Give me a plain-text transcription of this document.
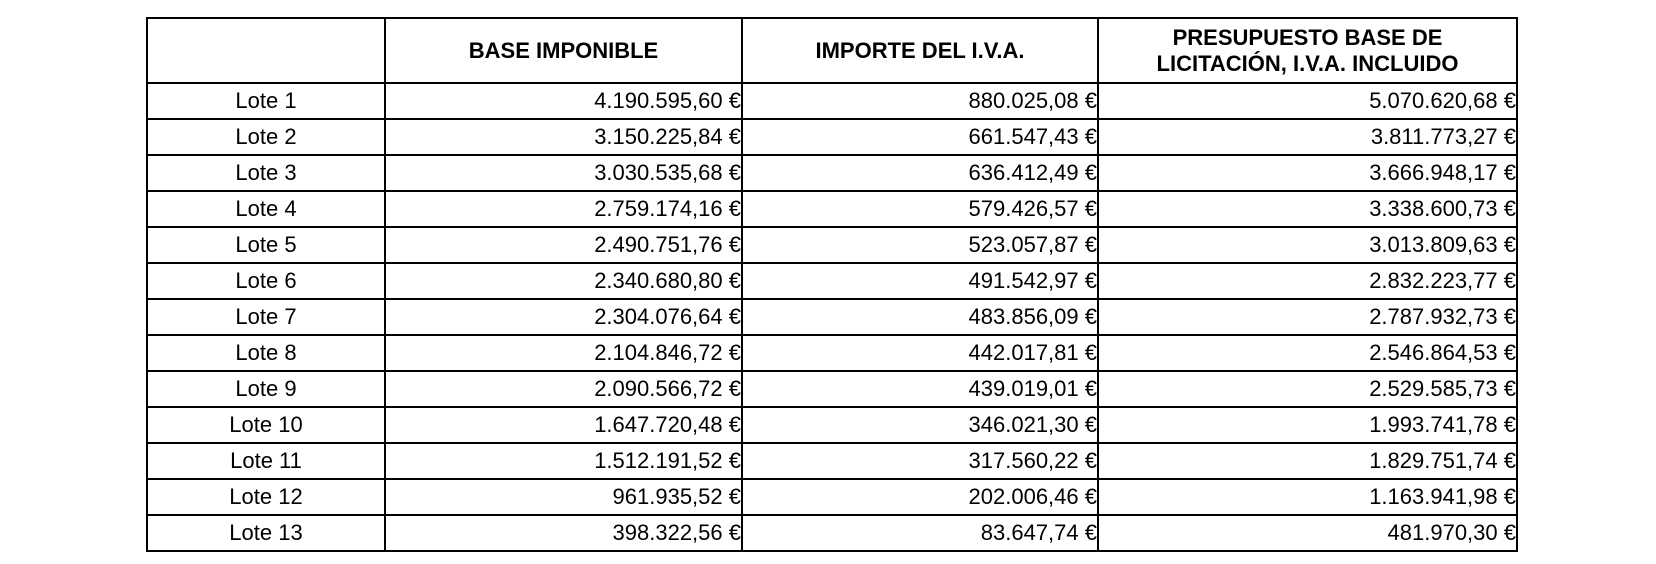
	BASE IMPONIBLE	IMPORTE DEL I.V.A.	PRESUPUESTO BASE DE
LICITACIÓN, I.V.A. INCLUIDO
Lote 1	4.190.595,60 €	880.025,08 €	5.070.620,68 €
Lote 2	3.150.225,84 €	661.547,43 €	3.811.773,27 €
Lote 3	3.030.535,68 €	636.412,49 €	3.666.948,17 €
Lote 4	2.759.174,16 €	579.426,57 €	3.338.600,73 €
Lote 5	2.490.751,76 €	523.057,87 €	3.013.809,63 €
Lote 6	2.340.680,80 €	491.542,97 €	2.832.223,77 €
Lote 7	2.304.076,64 €	483.856,09 €	2.787.932,73 €
Lote 8	2.104.846,72 €	442.017,81 €	2.546.864,53 €
Lote 9	2.090.566,72 €	439.019,01 €	2.529.585,73 €
Lote 10	1.647.720,48 €	346.021,30 €	1.993.741,78 €
Lote 11	1.512.191,52 €	317.560,22 €	1.829.751,74 €
Lote 12	961.935,52 €	202.006,46 €	1.163.941,98 €
Lote 13	398.322,56 €	83.647,74 €	481.970,30 €
